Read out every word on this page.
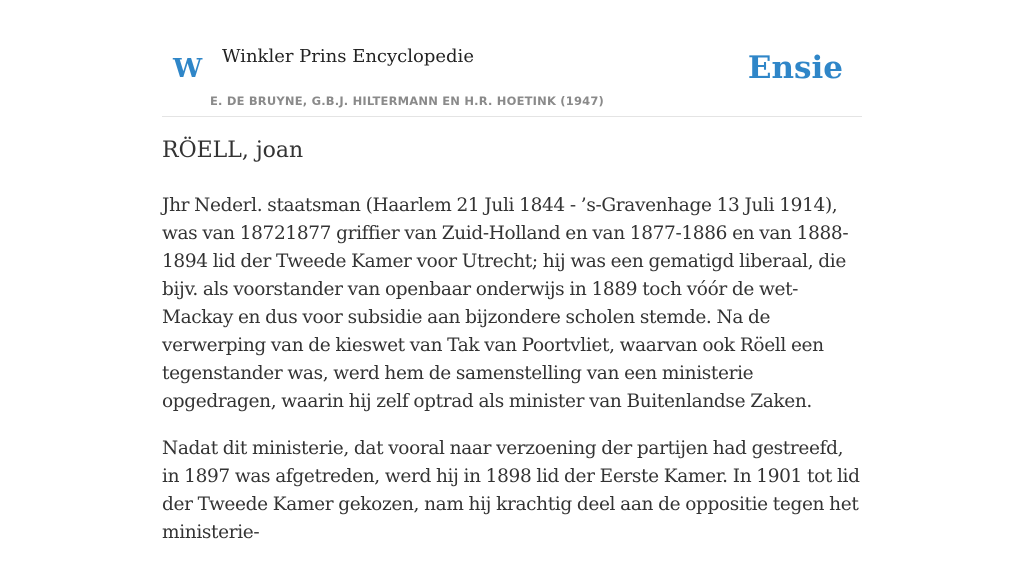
W Winkler Prins Encyclopedie
E. DE BRUYNE, G.B.J. HILTERMANN EN H.R. HOETINK (1947)
Ensie
RÖELL, joan

Jhr Nederl. staatsman (Haarlem 21 Juli 1844 - ’s-Gravenhage 13 Juli 1914), was van 18721877 griffier van Zuid-Holland en van 1877-1886 en van 1888-1894 lid der Tweede Kamer voor Utrecht; hij was een gematigd liberaal, die bijv. als voorstander van openbaar onderwijs in 1889 toch vóór de wet-Mackay en dus voor subsidie aan bijzondere scholen stemde. Na de verwerping van de kieswet van Tak van Poortvliet, waarvan ook Röell een tegenstander was, werd hem de samenstelling van een ministerie opgedragen, waarin hij zelf optrad als minister van Buitenlandse Zaken.

Nadat dit ministerie, dat vooral naar verzoening der partijen had gestreefd, in 1897 was afgetreden, werd hij in 1898 lid der Eerste Kamer. In 1901 tot lid der Tweede Kamer gekozen, nam hij krachtig deel aan de oppositie tegen het ministerie-
